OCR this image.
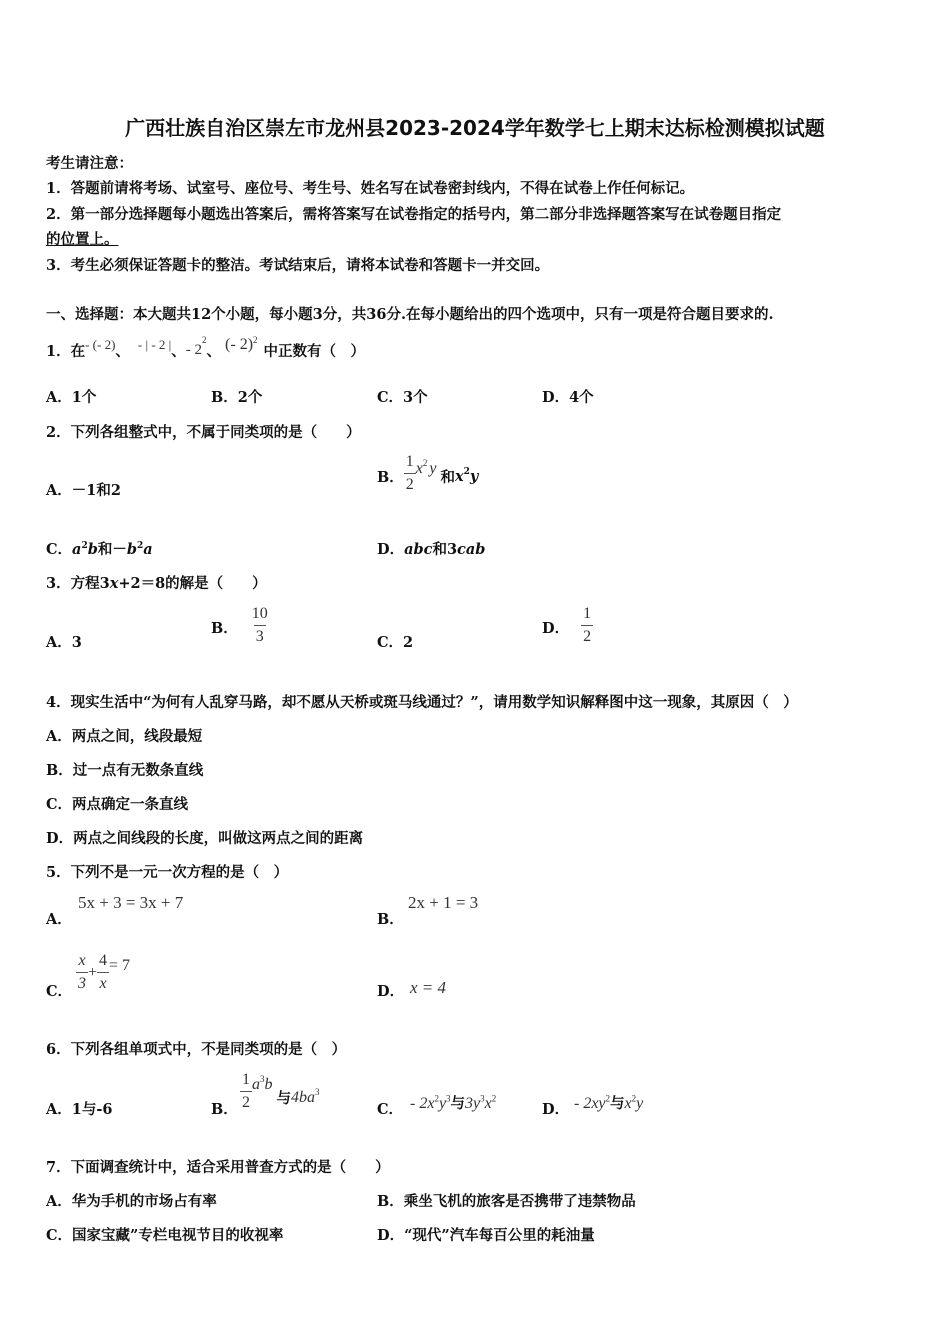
广西壮族自治区崇左市龙州县2023-2024学年数学七上期末达标检测模拟试题
考生请注意：
1．答题前请将考场、试室号、座位号、考生号、姓名写在试卷密封线内，不得在试卷上作任何标记。
2．第一部分选择题每小题选出答案后，需将答案写在试卷指定的括号内，第二部分非选择题答案写在试卷题目指定
的位置上。
3．考生必须保证答题卡的整洁。考试结束后，请将本试卷和答题卡一并交回。
一、选择题：本大题共12个小题，每小题3分，共36分.在每小题给出的四个选项中，只有一项是符合题目要求的.
1．在- (- 2)、 - | - 2 |、- $2^2$、 (- 2)$^2$中正数有（　）
A．1个	B．2个	C．3个	D．4个
2．下列各组整式中，不属于同类项的是（　　）
A．－1和2
B． $\frac{1}{2} x^2$ y
和 $x^2$ y
C．$a^2b$和$-b^2a$	D．abc和3cab
3．方程3x+2＝8的解是（　　）
A．3
B． $\frac{10}{3}$	C．2
D． $\frac{1}{2}$
4．现实生活中“为何有人乱穿马路，却不愿从天桥或斑马线通过？”，请用数学知识解释图中这一现象，其原因（　）
A．两点之间，线段最短
B．过一点有无数条直线
C．两点确定一条直线
D．两点之间线段的长度，叫做这两点之间的距离
5．下列不是一元一次方程的是（　）
A．
5x + 3 = 3x + 7
B．
2x + 1 = 3
C． $\frac{x}{3} + \frac{4}{x} = 7$
D． x = 4
6．下列各组单项式中，不是同类项的是（　）
A．1与-6	B． $\frac{1}{2} a^3$ b
与 $4ba^3$
C． - $2x^2y^3$与$3y^3x^2$
D． - $2xy^2$与$x^2y$
7．下面调查统计中，适合采用普查方式的是（　　）
A．华为手机的市场占有率	B．乘坐飞机的旅客是否携带了违禁物品
C．国家宝藏”专栏电视节目的收视率	D．“现代”汽车每百公里的耗油量
